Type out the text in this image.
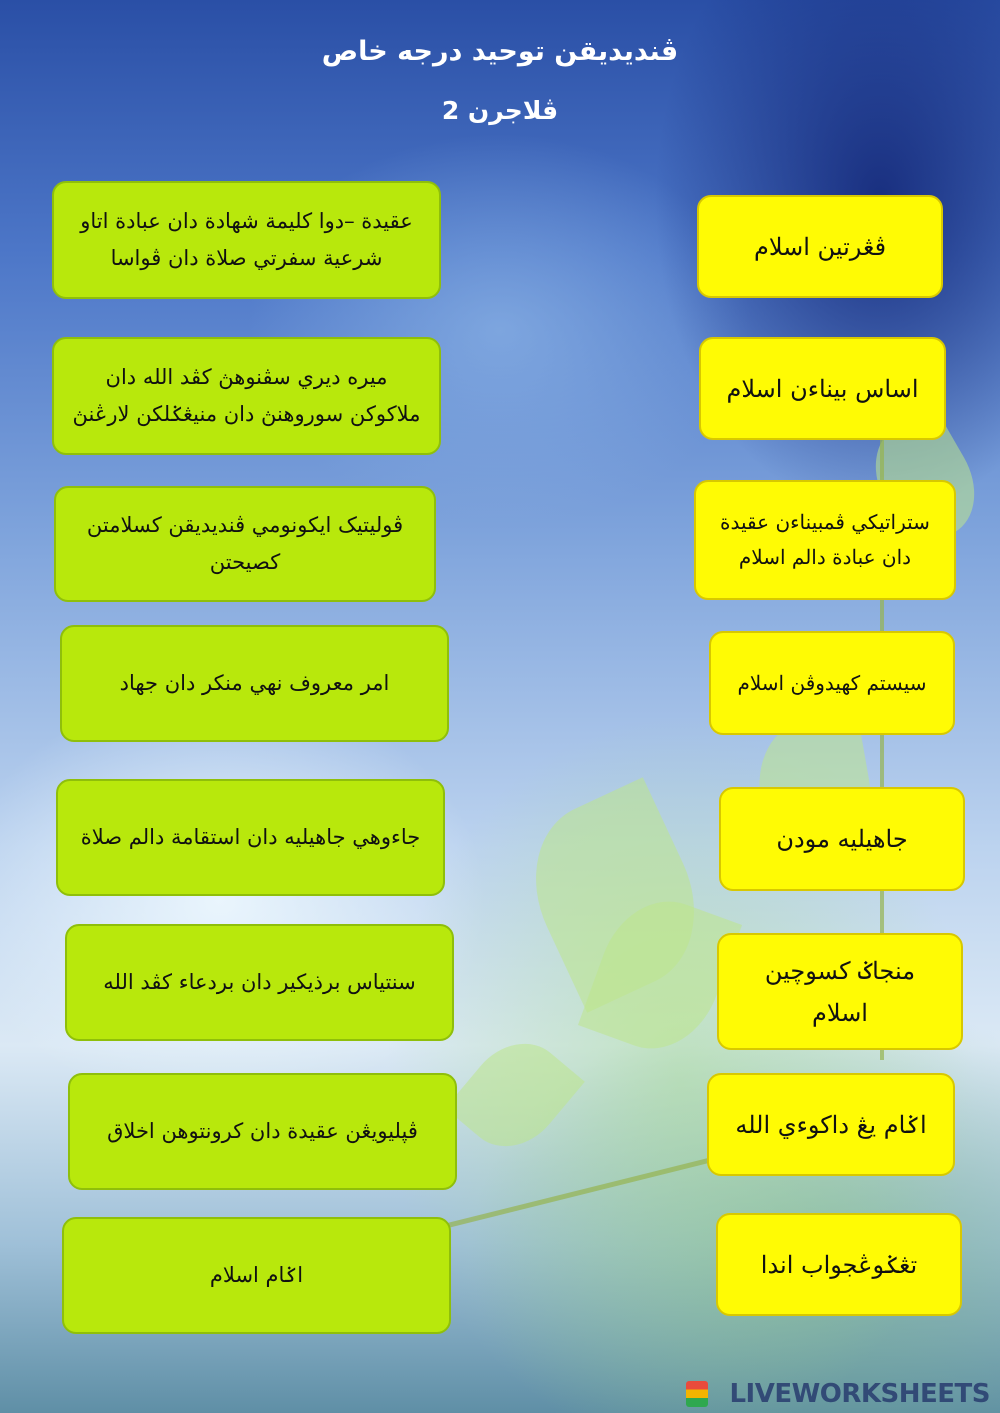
ڤنديديقن توحيد درجه خاص
ڤلاجرن 2
عقيدة –دوا كليمة شهادة دان عبادة اتاو شرعية سفرتي صلاة دان ڤواسا
ميره ديري سڤنوهڽ كڤد الله دان ملاكوكن سوروهنڽ دان منيڠݢلكن لارڠنڽ
ڤوليتيک ايكونومي ڤنديديقن كسلامتن كصيحتن
امر معروف نهي منكر دان جهاد
جاءوهي جاهيليه دان استقامة دالم صلاة
سنتياس برذيكير دان بردعاء كڤد الله
ڤپليويڠن عقيدة دان كرونتوهن اخلاق
اݢام اسلام
ڤڠرتين اسلام
اساس بيناءن اسلام
ستراتيكي ڤمبيناءن عقيدة دان عبادة دالم اسلام
سيستم كهيدوڤن اسلام
جاهيليه مودن
منجاݢ كسوچين اسلام
اݢام يڠ داكوءي الله
تڠݢوڠجواب اندا
LIVEWORKSHEETS
